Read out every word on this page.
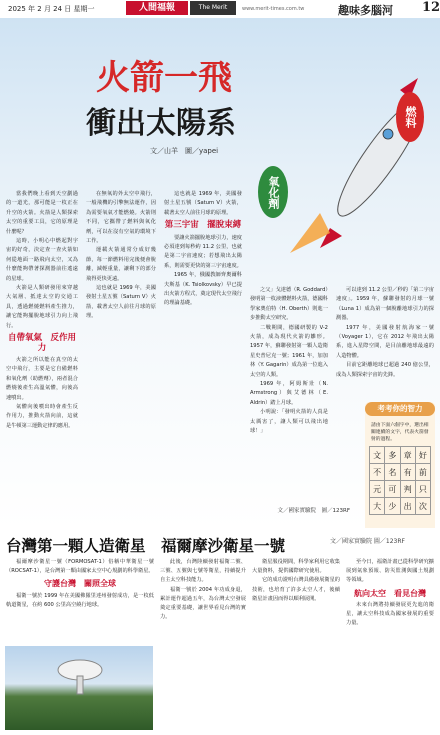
2025 年 2 月 24 日 星期一	人間福報	The Merit	www.merit-times.com.tw	趣味多腦河 12
火箭一飛
衝出太陽系
文／山羊　圖／yapei
氧化劑
燃料

當我們晚上看到天空劃過的一道光，那可能是一枚正在升空的火箭。火箭是人類探索太空的重要工具，它的原理是什麼呢？

這時，小明心中燃起對宇宙的好奇，決定查一查火箭如何從地面一路飛向太空，又為什麼能夠帶著探測器前往遙遠的星球。

火箭是人類研發用來穿越大氣層、抵達太空的交通工具，透過燃燒燃料產生推力，讓它能夠擺脫地球引力向上飛行。

自帶氧氣　反作用力

火箭之所以能在真空的太空中飛行，主要是它自備燃料和氧化劑（助燃劑），兩者混合燃燒後產生高溫氣體，向後高速噴出。

氣體向後噴出時會產生反作用力，推動火箭向前，這就是牛頓第三運動定律的應用。

在無氧的外太空中飛行，一般飛機的引擎無法運作，因為需要氧氣才能燃燒。火箭則不同，它攜帶了燃料與氧化劑，可以在沒有空氣的環境下工作。

運載火箭通常分成好幾節，每一節燃料用完後便會脫離，減輕重量，讓剩下的部分飛得更快更遠。

這也就是 1969 年，美國發射土星五號（Saturn V）火箭，載著太空人前往月球的原理。

這也就是 1969 年，美國發射土星五號（Saturn V）火箭，載著太空人前往月球的原理。

第三宇宙　擺脫束縛

要讓火箭擺脫地球引力，速度必須達到每秒約 11.2 公里，也就是第二宇宙速度；若想飛出太陽系，則需要更快的第三宇宙速度。

1965 年，俄國教師齊奧爾科夫斯基（K. Tsiolkovsky）早已提出火箭方程式，奠定現代太空飛行的理論基礎。

之父」戈達德（R. Goddard）發明第一枚液體燃料火箭，德國科學家奧伯特（H. Oberth）則進一步推動太空研究。

二戰期間，德國研製的 V-2 火箭，成為現代火箭的雛形。1957 年，蘇聯發射第一顆人造衛星史普尼克一號；1961 年，加加林（Y. Gagarin）成為第一位進入太空的人類。

1969 年，阿姆斯壯（N. Armstrong）與艾德林（E. Aldrin）踏上月球。

小明說：「發明火箭的人真是太厲害了，讓人類可以飛出地球！」

可以達到 11.2 公里／秒的「第二宇宙速度」。1959 年，蘇聯發射的月球一號（Luna 1）成為第一個脫離地球引力的探測器。

1977 年，美國發射航海家一號（Voyager 1），它在 2012 年飛出太陽系，進入星際空間，是目前離地球最遠的人造物體。

目前它距離地球已超過 240 億公里，成為人類探索宇宙的先鋒。

文／國家實驗院　圖／123RF
考考你的智力
請由下面六個字中，選出相關連續的文字，代表火箭發射的過程。
文	多	章	好
不	名	有	前
元	可	判	只
大	少	出	次
台灣第一顆人造衛星　福爾摩沙衛星一號	文／國家實驗院 圖／123RF

福爾摩沙衛星一號（FORMOSAT-1）俗稱中華衛星一號（ROCSAT-1），是台灣第一顆由國家太空中心規劃的科學衛星。

守護台灣　關照全球

福衛一號於 1999 年在美國佛羅里達州發射成功，是一枚低軌道衛星，在約 600 公里高空繞行地球。

此後，台灣陸續發射福衛二號、三號、五號與七號等衛星，持續提升自主太空科技能力。

福衛一號於 2004 年功成身退，累計運作超過五年，為台灣太空發展奠定重要基礎，讓世界看見台灣的實力。

衛星服役期間，科學家利用它收集大量資料，提供國際研究使用。

它的成功證明台灣具備發展衛星的技術，也培育了許多太空人才，後續衛星計畫因而得以順利展開。

至今日，福衛計畫已從科學研究擴展到氣象預報、防災監測與國土規劃等領域。

航向太空　看見台灣

未來台灣將持續發展更先進的衛星，讓太空科技成為國家發展的重要力量。
